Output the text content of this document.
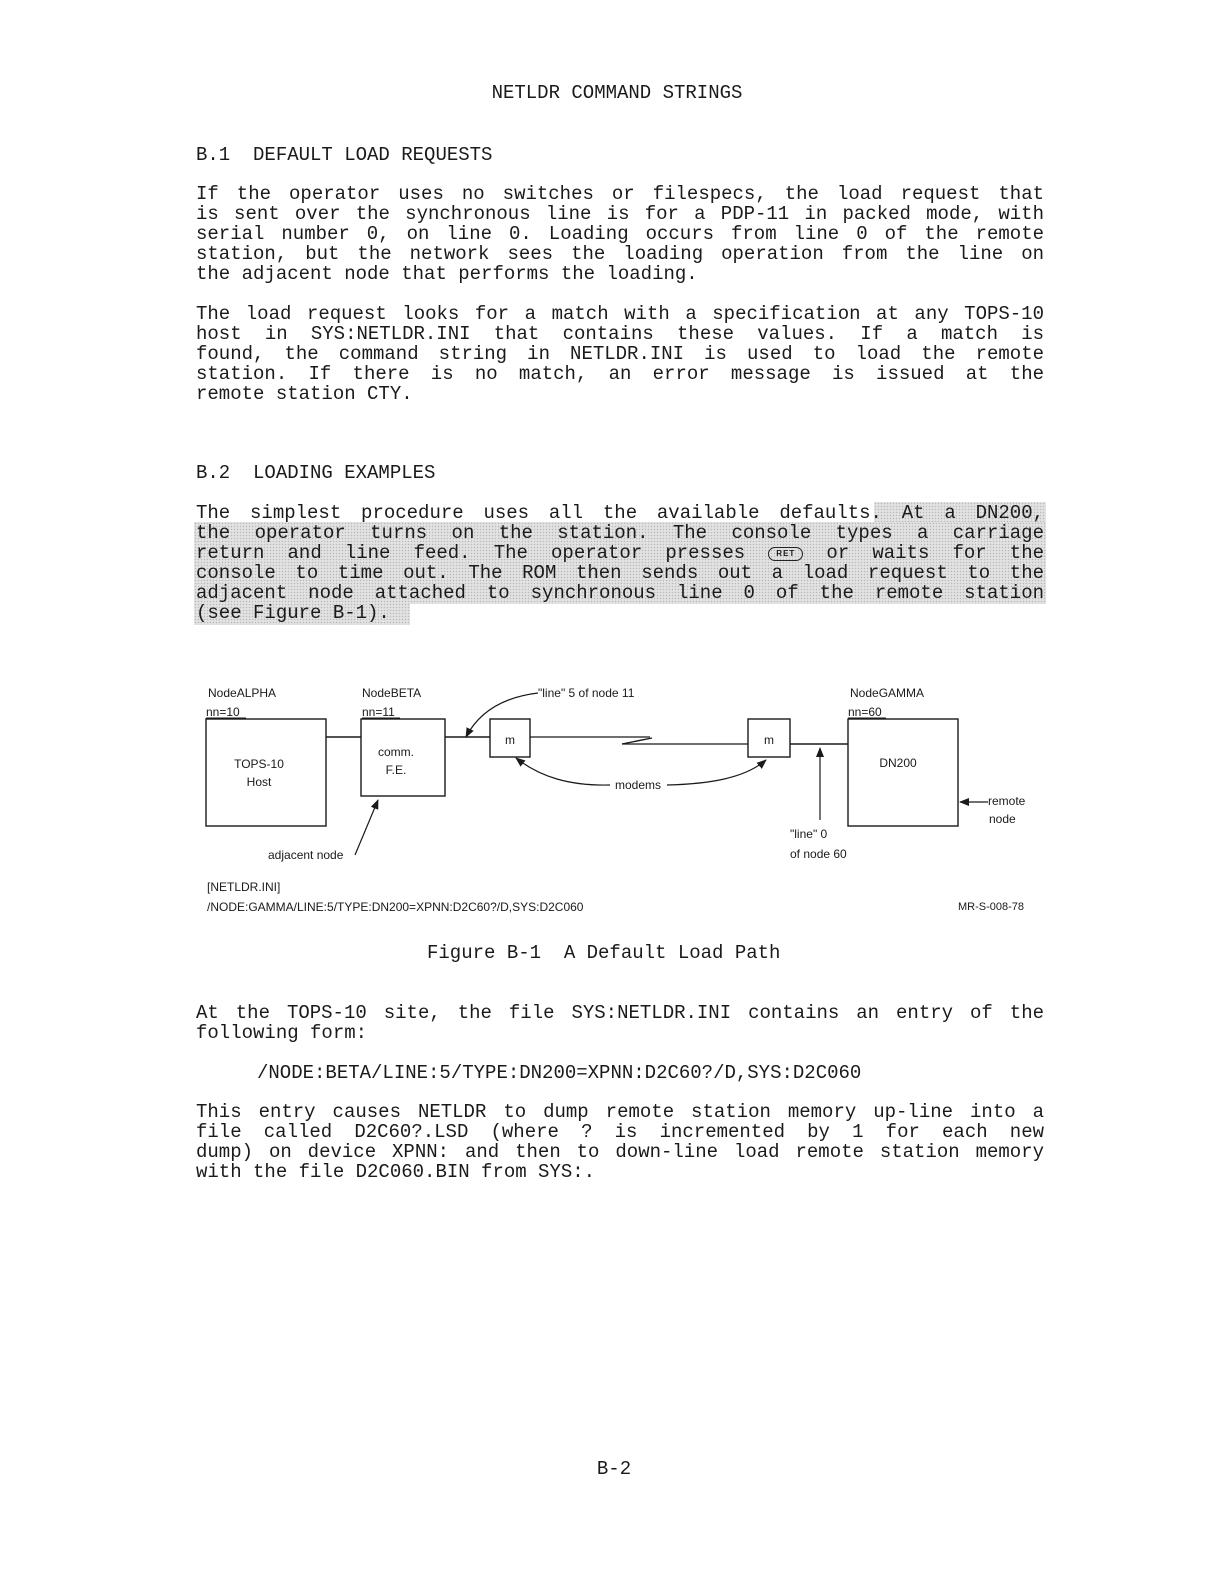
NETLDR COMMAND STRINGS
B.1  DEFAULT LOAD REQUESTS
If the operator uses no switches or filespecs, the load request that
is sent over the synchronous line is for a PDP-11 in packed mode, with
serial number 0, on line 0. Loading occurs from line 0 of the remote
station, but the network sees the loading operation from the line on
the adjacent node that performs the loading.
The load request looks for a match with a specification at any TOPS-10
host in SYS:NETLDR.INI that contains these values. If a match is
found, the command string in NETLDR.INI is used to load the remote
station. If there is no match, an error message is issued at the
remote station CTY.
B.2  LOADING EXAMPLES
The simplest procedure uses all the available defaults. At a DN200,
the operator turns on the station. The console types a carriage
return and line feed. The operator presses	RET or waits for the
console to time out. The ROM then sends out a load request to the
adjacent node attached to synchronous line 0 of the remote station
(see Figure B-1).
NodeALPHA
nn=10
TOPS-10
Host
NodeBETA
nn=11
comm.
F.E.
"line" 5 of node 11
m	m
modems
"line" 0
of node 60
NodeGAMMA
nn=60
DN200
remote
node
adjacent node
[NETLDR.INI]
/NODE:GAMMA/LINE:5/TYPE:DN200=XPNN:D2C60?/D,SYS:D2C060	MR-S-008-78
Figure B-1  A Default Load Path
At the TOPS-10 site, the file SYS:NETLDR.INI contains an entry of the
following form:
/NODE:BETA/LINE:5/TYPE:DN200=XPNN:D2C60?/D,SYS:D2C060
This entry causes NETLDR to dump remote station memory up-line into a
file called D2C60?.LSD (where ? is incremented by 1 for each new
dump) on device XPNN: and then to down-line load remote station memory
with the file D2C060.BIN from SYS:.
B-2
